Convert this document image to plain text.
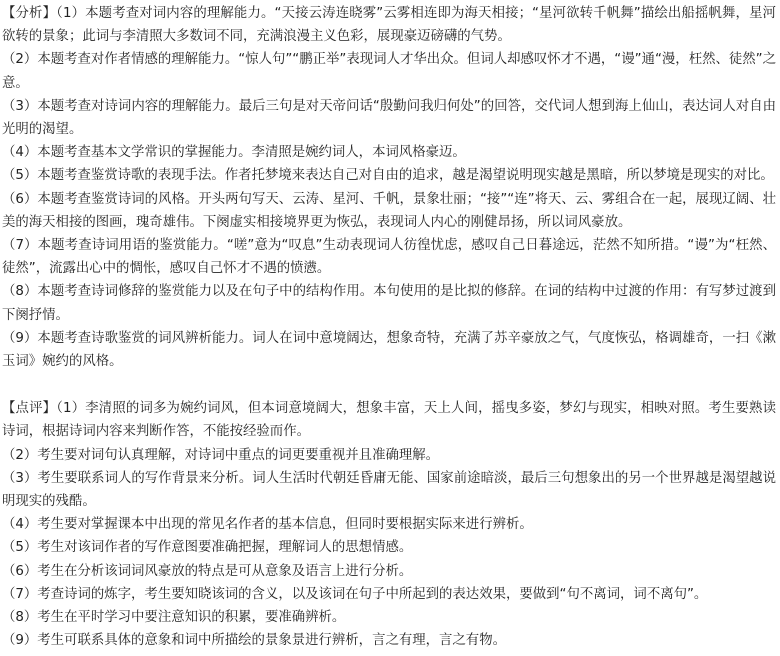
【分析】（1）本题考查对词内容的理解能力。“天接云涛连晓雾”云雾相连即为海天相接；“星河欲转千帆舞”描绘出船摇帆舞，星河欲转的景象；此词与李清照大多数词不同，充满浪漫主义色彩，展现豪迈磅礴的气势。

（2）本题考查对作者情感的理解能力。“惊人句”“鹏正举”表现词人才华出众。但词人却感叹怀才不遇，“谩”通“漫，枉然、徒然”之意。

（3）本题考查对诗词内容的理解能力。最后三句是对天帝问话“殷勤问我归何处”的回答，交代词人想到海上仙山，表达词人对自由光明的渴望。

（4）本题考查基本文学常识的掌握能力。李清照是婉约词人，本词风格豪迈。

（5）本题考查鉴赏诗歌的表现手法。作者托梦境来表达自己对自由的追求，越是渴望说明现实越是黑暗，所以梦境是现实的对比。

（6）本题考查鉴赏诗词的风格。开头两句写天、云涛、星河、千帆，景象壮丽；“接”“连”将天、云、雾组合在一起，展现辽阔、壮美的海天相接的图画，瑰奇雄伟。下阕虚实相接境界更为恢弘，表现词人内心的刚健昂扬，所以词风豪放。

（7）本题考查诗词用语的鉴赏能力。“嗟”意为“叹息”生动表现词人彷徨忧虑，感叹自己日暮途远，茫然不知所措。“谩”为“枉然、徒然”，流露出心中的惆怅，感叹自己怀才不遇的愤懑。

（8）本题考查诗词修辞的鉴赏能力以及在句子中的结构作用。本句使用的是比拟的修辞。在词的结构中过渡的作用：有写梦过渡到下阕抒情。

（9）本题考查诗歌鉴赏的词风辨析能力。词人在词中意境阔达，想象奇特，充满了苏辛豪放之气，气度恢弘，格调雄奇，一扫《漱玉词》婉约的风格。

【点评】（1）李清照的词多为婉约词风，但本词意境阔大，想象丰富，天上人间，摇曳多姿，梦幻与现实，相映对照。考生要熟读诗词，根据诗词内容来判断作答，不能按经验而作。

（2）考生要对词句认真理解，对诗词中重点的词更要重视并且准确理解。

（3）考生要联系词人的写作背景来分析。词人生活时代朝廷昏庸无能、国家前途暗淡，最后三句想象出的另一个世界越是渴望越说明现实的残酷。

（4）考生要对掌握课本中出现的常见名作者的基本信息，但同时要根据实际来进行辨析。

（5）考生对该词作者的写作意图要准确把握，理解词人的思想情感。

（6）考生在分析该词词风豪放的特点是可从意象及语言上进行分析。

（7）考查诗词的炼字，考生要知晓该词的含义，以及该词在句子中所起到的表达效果，要做到“句不离词，词不离句”。

（8）考生在平时学习中要注意知识的积累，要准确辨析。

（9）考生可联系具体的意象和词中所描绘的景象景进行辨析，言之有理，言之有物。
